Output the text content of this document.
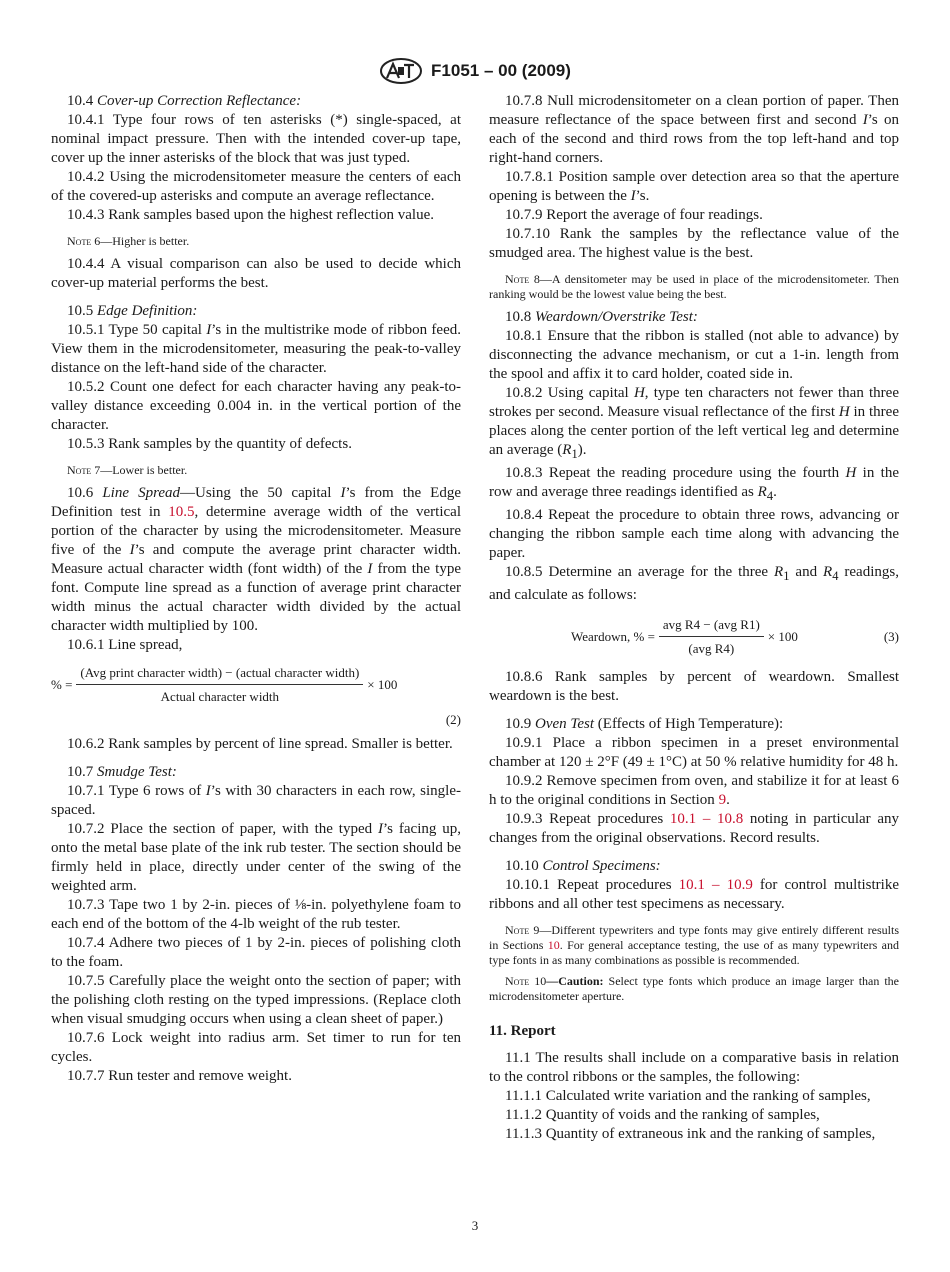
F1051 – 00 (2009)

10.4 Cover-up Correction Reflectance:

10.4.1 Type four rows of ten asterisks (*) single-spaced, at nominal impact pressure. Then with the intended cover-up tape, cover up the inner asterisks of the block that was just typed.

10.4.2 Using the microdensitometer measure the centers of each of the covered-up asterisks and compute an average reflectance.

10.4.3 Rank samples based upon the highest reflection value.

Note 6—Higher is better.

10.4.4 A visual comparison can also be used to decide which cover-up material performs the best.

10.5 Edge Definition:

10.5.1 Type 50 capital I’s in the multistrike mode of ribbon feed. View them in the microdensitometer, measuring the peak-to-valley distance on the left-hand side of the character.

10.5.2 Count one defect for each character having any peak-to-valley distance exceeding 0.004 in. in the vertical portion of the character.

10.5.3 Rank samples by the quantity of defects.

Note 7—Lower is better.

10.6 Line Spread—Using the 50 capital I’s from the Edge Definition test in 10.5, determine average width of the vertical portion of the character by using the microdensitometer. Measure five of the I’s and compute the average print character width. Measure actual character width (font width) of the I from the type font. Compute line spread as a function of average print character width minus the actual character width divided by the actual character width multiplied by 100.

10.6.1 Line spread,

% = $\frac{\text{(Avg print character width) − (actual character width)}}{\text{Actual character width}} \times 100$
(2)

10.6.2 Rank samples by percent of line spread. Smaller is better.

10.7 Smudge Test:

10.7.1 Type 6 rows of I’s with 30 characters in each row, single-spaced.

10.7.2 Place the section of paper, with the typed I’s facing up, onto the metal base plate of the ink rub tester. The section should be firmly held in place, directly under center of the swing of the weighted arm.

10.7.3 Tape two 1 by 2-in. pieces of ⅛-in. polyethylene foam to each end of the bottom of the 4-lb weight of the rub tester.

10.7.4 Adhere two pieces of 1 by 2-in. pieces of polishing cloth to the foam.

10.7.5 Carefully place the weight onto the section of paper; with the polishing cloth resting on the typed impressions. (Replace cloth when visual smudging occurs when using a clean sheet of paper.)

10.7.6 Lock weight into radius arm. Set timer to run for ten cycles.

10.7.7 Run tester and remove weight.

10.7.8 Null microdensitometer on a clean portion of paper. Then measure reflectance of the space between first and second I’s on each of the second and third rows from the top left-hand and top right-hand corners.

10.7.8.1 Position sample over detection area so that the aperture opening is between the I’s.

10.7.9 Report the average of four readings.

10.7.10 Rank the samples by the reflectance value of the smudged area. The highest value is the best.

Note 8—A densitometer may be used in place of the microdensitometer. Then ranking would be the lowest value being the best.

10.8 Weardown/Overstrike Test:

10.8.1 Ensure that the ribbon is stalled (not able to advance) by disconnecting the advance mechanism, or cut a 1-in. length from the spool and affix it to card holder, coated side in.

10.8.2 Using capital H, type ten characters not fewer than three strokes per second. Measure visual reflectance of the first H in three places along the center portion of the left vertical leg and determine an average $(R_1)$.

10.8.3 Repeat the reading procedure using the fourth H in the row and average three readings identified as $R_4$.

10.8.4 Repeat the procedure to obtain three rows, advancing or changing the ribbon sample each time along with advancing the paper.

10.8.5 Determine an average for the three $R_1$ and $R_4$ readings, and calculate as follows:

Weardown, % = $\frac{\text{avg R4 − (avg R1)}}{\text{(avg R4)}} \times 100$	(3)

10.8.6 Rank samples by percent of weardown. Smallest weardown is the best.

10.9 Oven Test (Effects of High Temperature):

10.9.1 Place a ribbon specimen in a preset environmental chamber at 120 ± 2°F (49 ± 1°C) at 50 % relative humidity for 48 h.

10.9.2 Remove specimen from oven, and stabilize it for at least 6 h to the original conditions in Section 9.

10.9.3 Repeat procedures 10.1 – 10.8 noting in particular any changes from the original observations. Record results.

10.10 Control Specimens:

10.10.1 Repeat procedures 10.1 – 10.9 for control multistrike ribbons and all other test specimens as necessary.

Note 9—Different typewriters and type fonts may give entirely different results in Sections 10. For general acceptance testing, the use of as many typewriters and type fonts in as many combinations as possible is recommended.
Note 10—Caution: Select type fonts which produce an image larger than the microdensitometer aperture.
11. Report

11.1 The results shall include on a comparative basis in relation to the control ribbons or the samples, the following:

11.1.1 Calculated write variation and the ranking of samples,

11.1.2 Quantity of voids and the ranking of samples,

11.1.3 Quantity of extraneous ink and the ranking of samples,

3
